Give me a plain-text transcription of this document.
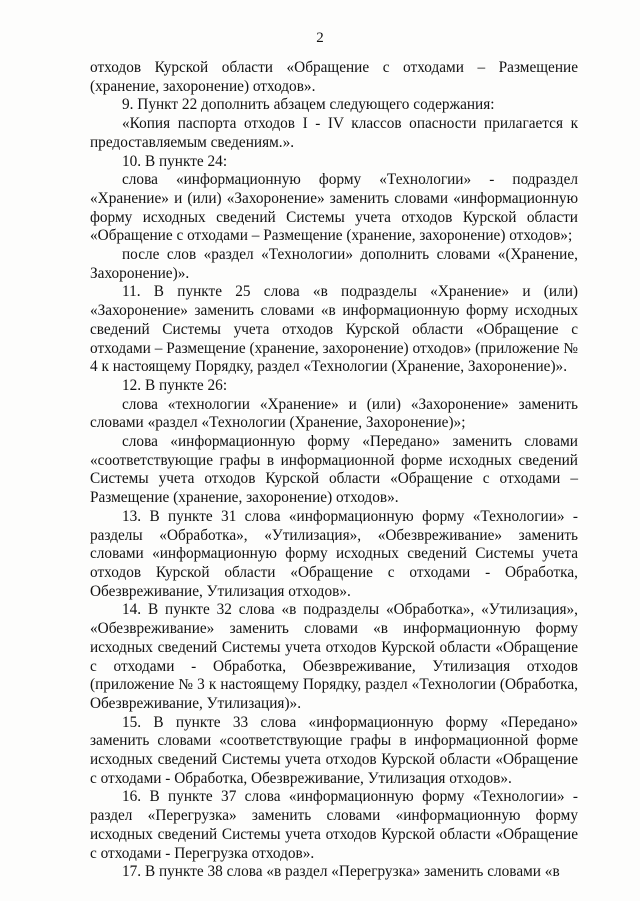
2

отходов Курской области «Обращение с отходами – Размещение (хранение, захоронение) отходов».

9. Пункт 22 дополнить абзацем следующего содержания:

«Копия паспорта отходов I - IV классов опасности прилагается к предоставляемым сведениям.».

10. В пункте 24:

слова «информационную форму «Технологии» - подраздел «Хранение» и (или) «Захоронение» заменить словами «информационную форму исходных сведений Системы учета отходов Курской области «Обращение с отходами – Размещение (хранение, захоронение) отходов»;

после слов «раздел «Технологии» дополнить словами «(Хранение, Захоронение)».

11. В пункте 25 слова «в подразделы «Хранение» и (или) «Захоронение» заменить словами «в информационную форму исходных сведений Системы учета отходов Курской области «Обращение с отходами – Размещение (хранение, захоронение) отходов» (приложение № 4 к настоящему Порядку, раздел «Технологии (Хранение, Захоронение)».

12. В пункте 26:

слова «технологии «Хранение» и (или) «Захоронение» заменить словами «раздел «Технологии (Хранение, Захоронение)»;

слова «информационную форму «Передано» заменить словами «соответствующие графы в информационной форме исходных сведений Системы учета отходов Курской области «Обращение с отходами – Размещение (хранение, захоронение) отходов».

13. В пункте 31 слова «информационную форму «Технологии» - разделы «Обработка», «Утилизация», «Обезвреживание» заменить словами «информационную форму исходных сведений Системы учета отходов Курской области «Обращение с отходами - Обработка, Обезвреживание, Утилизация отходов».

14. В пункте 32 слова «в подразделы «Обработка», «Утилизация», «Обезвреживание» заменить словами «в информационную форму исходных сведений Системы учета отходов Курской области «Обращение с отходами - Обработка, Обезвреживание, Утилизация отходов (приложение № 3 к настоящему Порядку, раздел «Технологии (Обработка, Обезвреживание, Утилизация)».

15. В пункте 33 слова «информационную форму «Передано» заменить словами «соответствующие графы в информационной форме исходных сведений Системы учета отходов Курской области «Обращение с отходами - Обработка, Обезвреживание, Утилизация отходов».

16. В пункте 37 слова «информационную форму «Технологии» - раздел «Перегрузка» заменить словами «информационную форму исходных сведений Системы учета отходов Курской области «Обращение с отходами - Перегрузка отходов».

17. В пункте 38 слова «в раздел «Перегрузка» заменить словами «в
